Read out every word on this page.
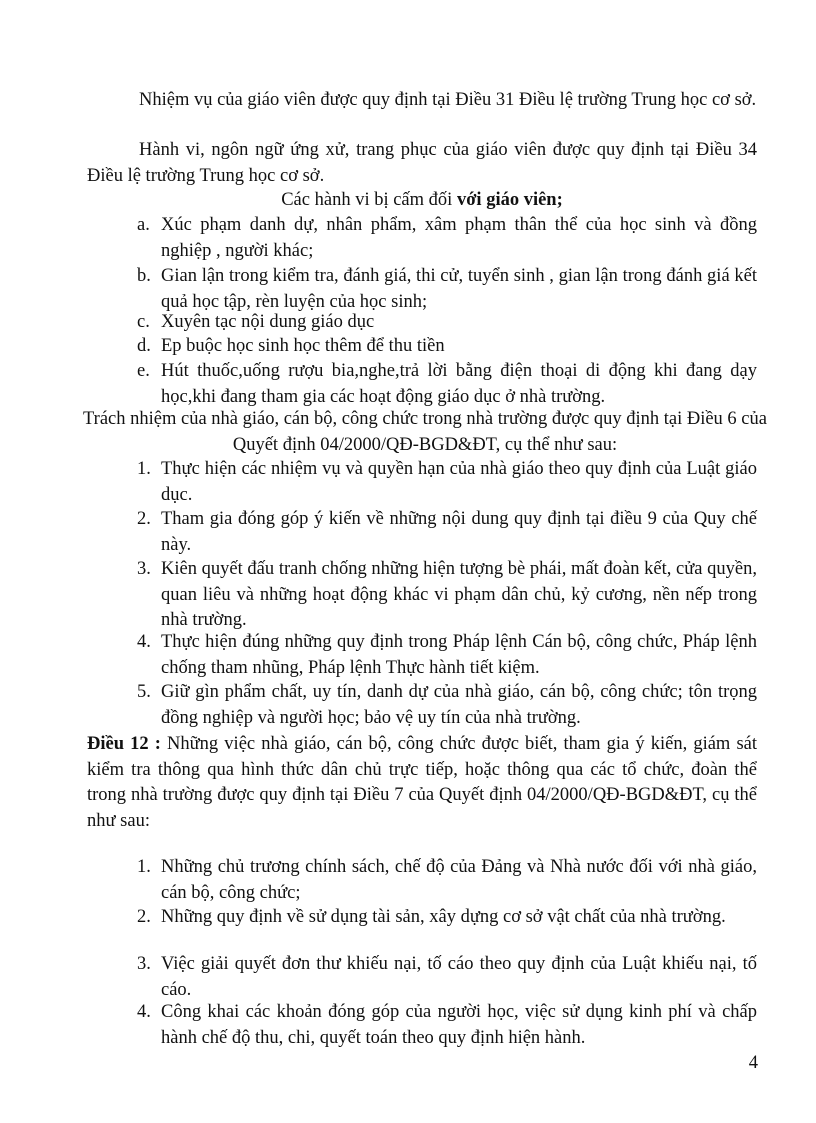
Nhiệm vụ của giáo viên được quy định tại Điều 31 Điều lệ trường Trung học cơ sở.
Hành vi, ngôn ngữ ứng xử, trang phục của giáo viên được quy định tại Điều 34 Điều lệ trường Trung học cơ sở.
Các hành vi bị cấm đối với giáo viên;
a. Xúc phạm danh dự, nhân phẩm, xâm phạm thân thể của học sinh và đồng nghiệp , người khác;
b. Gian lận trong kiểm tra, đánh giá, thi cử, tuyển sinh , gian lận trong đánh giá kết quả học tập, rèn luyện của học sinh;
c. Xuyên tạc nội dung giáo dục
d. Ep buộc học sinh học thêm để thu tiền
e. Hút thuốc,uống rượu bia,nghe,trả lời bằng điện thoại di động khi đang dạy học,khi đang tham gia các hoạt động giáo dục ở nhà trường.
Trách nhiệm của nhà giáo, cán bộ, công chức trong nhà trường được quy định tại Điều 6 của Quyết định 04/2000/QĐ-BGD&ĐT, cụ thể như sau:
1. Thực hiện các nhiệm vụ và quyền hạn của nhà giáo theo quy định của Luật giáo dục.
2. Tham gia đóng góp ý kiến về những nội dung quy định tại điều 9 của Quy chế này.
3. Kiên quyết đấu tranh chống những hiện tượng bè phái, mất đoàn kết, cửa quyền, quan liêu và những hoạt động khác vi phạm dân chủ, kỷ cương, nền nếp trong nhà trường.
4. Thực hiện đúng những quy định trong Pháp lệnh Cán bộ, công chức, Pháp lệnh chống tham nhũng, Pháp lệnh Thực hành tiết kiệm.
5. Giữ gìn phẩm chất, uy tín, danh dự của nhà giáo, cán bộ, công chức; tôn trọng đồng nghiệp và người học; bảo vệ uy tín của nhà trường.
Điều 12 : Những việc nhà giáo, cán bộ, công chức được biết, tham gia ý kiến, giám sát kiểm tra thông qua hình thức dân chủ trực tiếp, hoặc thông qua các tổ chức, đoàn thể trong nhà trường được quy định tại Điều 7 của Quyết định 04/2000/QĐ-BGD&ĐT, cụ thể như sau:
1. Những chủ trương chính sách, chế độ của Đảng và Nhà nước đối với nhà giáo, cán bộ, công chức;
2. Những quy định về sử dụng tài sản, xây dựng cơ sở vật chất của nhà trường.
3. Việc giải quyết đơn thư khiếu nại, tố cáo theo quy định của Luật khiếu nại, tố cáo.
4. Công khai các khoản đóng góp của người học, việc sử dụng kinh phí và chấp hành chế độ thu, chi, quyết toán theo quy định hiện hành.
4
